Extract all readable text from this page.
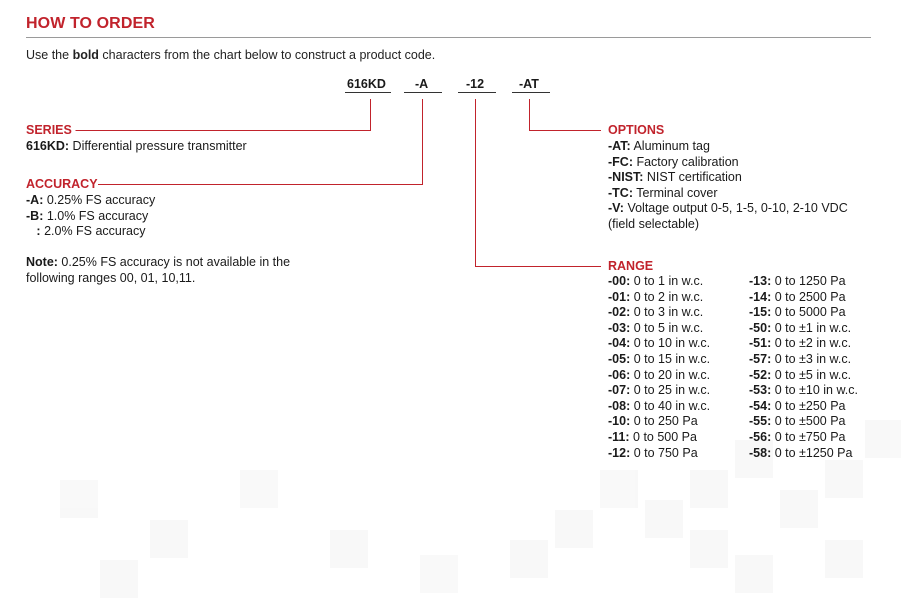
HOW TO ORDER
Use the bold characters from the chart below to construct a product code.
616KD -A	-12	-AT
SERIES
616KD: Differential pressure transmitter
ACCURACY
-A: 0.25% FS accuracy
-B: 1.0% FS accuracy
: 2.0% FS accuracy
Note: 0.25% FS accuracy is not available in the
following ranges 00, 01, 10,11.
OPTIONS
-AT: Aluminum tag
-FC: Factory calibration
-NIST: NIST certification
-TC: Terminal cover
-V: Voltage output 0-5, 1-5, 0-10, 2-10 VDC
(field selectable)
RANGE
-00: 0 to 1 in w.c.
-01: 0 to 2 in w.c.
-02: 0 to 3 in w.c.
-03: 0 to 5 in w.c.
-04: 0 to 10 in w.c.
-05: 0 to 15 in w.c.
-06: 0 to 20 in w.c.
-07: 0 to 25 in w.c.
-08: 0 to 40 in w.c.
-10: 0 to 250 Pa
-11: 0 to 500 Pa
-12: 0 to 750 Pa
-13: 0 to 1250 Pa
-14: 0 to 2500 Pa
-15: 0 to 5000 Pa
-50: 0 to ±1 in w.c.
-51: 0 to ±2 in w.c.
-57: 0 to ±3 in w.c.
-52: 0 to ±5 in w.c.
-53: 0 to ±10 in w.c.
-54: 0 to ±250 Pa
-55: 0 to ±500 Pa
-56: 0 to ±750 Pa
-58: 0 to ±1250 Pa
